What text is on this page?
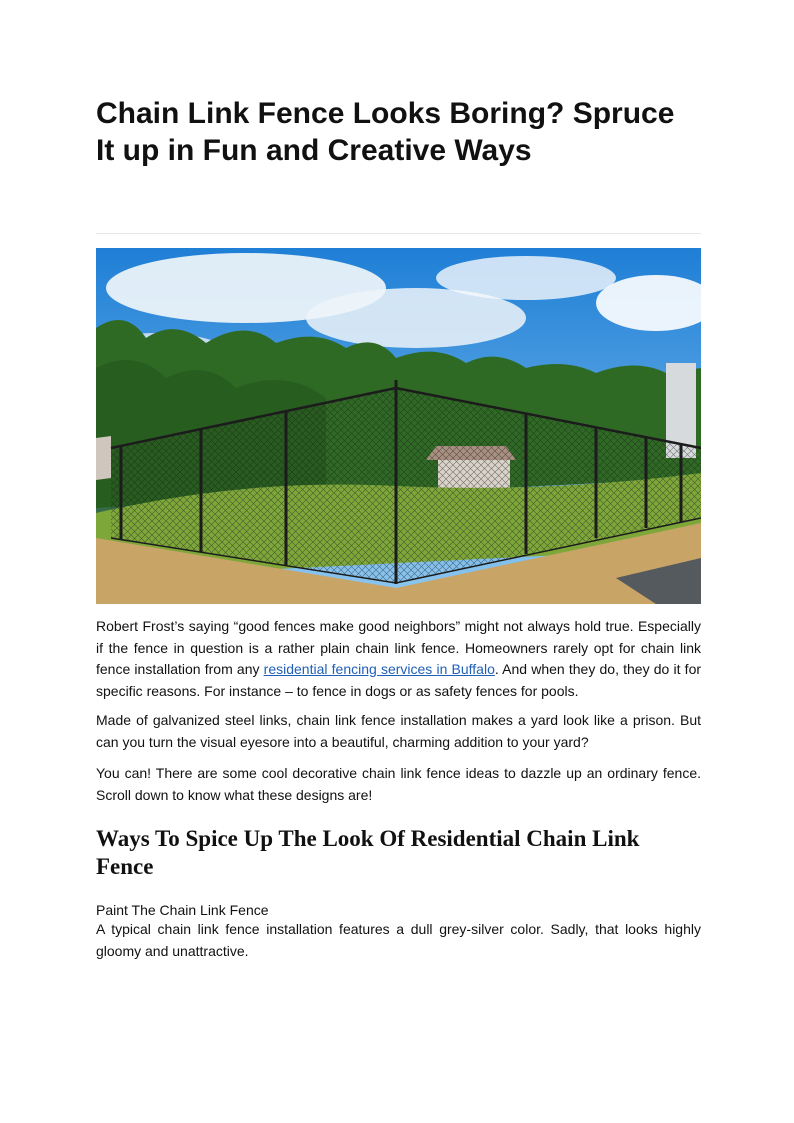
Chain Link Fence Looks Boring? Spruce It up in Fun and Creative Ways

Robert Frost’s saying “good fences make good neighbors” might not always hold true. Especially if the fence in question is a rather plain chain link fence. Homeowners rarely opt for chain link fence installation from any residential fencing services in Buffalo. And when they do, they do it for specific reasons. For instance – to fence in dogs or as safety fences for pools.

Made of galvanized steel links, chain link fence installation makes a yard look like a prison. But can you turn the visual eyesore into a beautiful, charming addition to your yard?

You can! There are some cool decorative chain link fence ideas to dazzle up an ordinary fence. Scroll down to know what these designs are!

Ways To Spice Up The Look Of Residential Chain Link Fence
Paint The Chain Link Fence

A typical chain link fence installation features a dull grey-silver color. Sadly, that looks highly gloomy and unattractive.
